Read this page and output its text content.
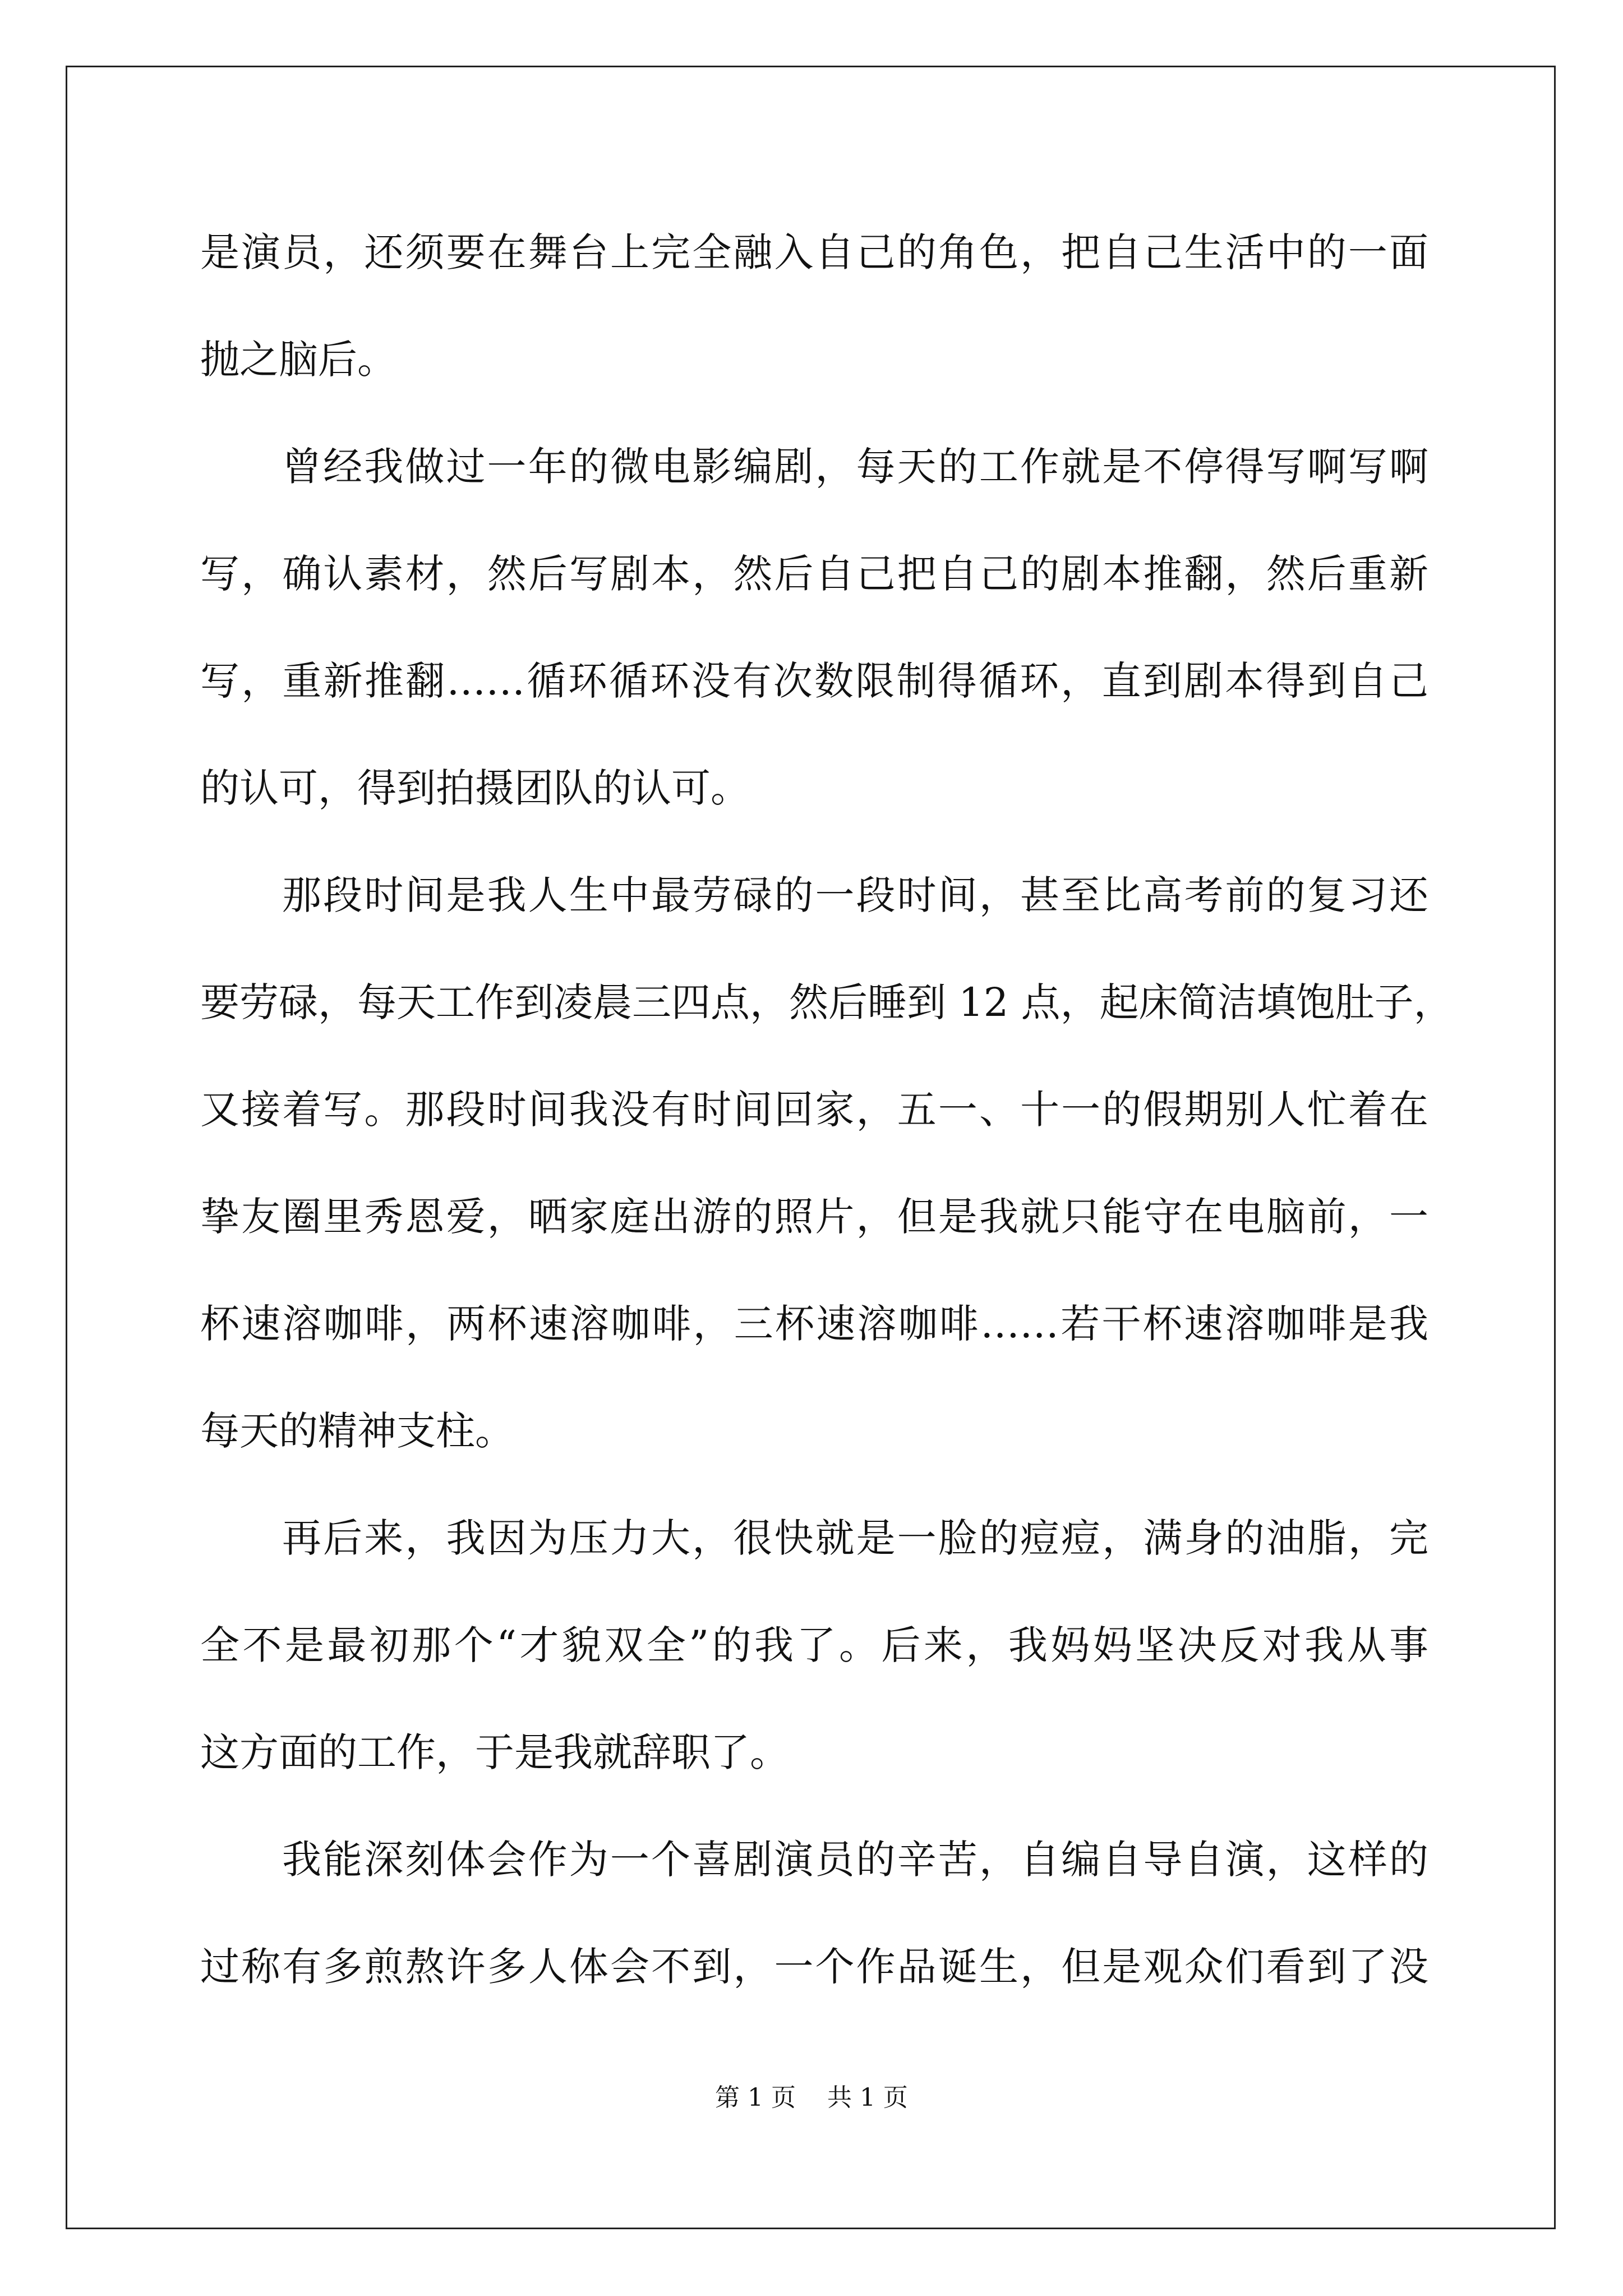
是演员，还须要在舞台上完全融入自己的角色，把自己生活中的一面
抛之脑后。
曾经我做过一年的微电影编剧，每天的工作就是不停得写啊写啊
写，确认素材，然后写剧本，然后自己把自己的剧本推翻，然后重新
写，重新推翻……循环循环没有次数限制得循环，直到剧本得到自己
的认可，得到拍摄团队的认可。
那段时间是我人生中最劳碌的一段时间，甚至比高考前的复习还
要劳碌，每天工作到凌晨三四点，然后睡到 12 点，起床简洁填饱肚子，
又接着写。那段时间我没有时间回家，五一、十一的假期别人忙着在
挚友圈里秀恩爱，晒家庭出游的照片，但是我就只能守在电脑前，一
杯速溶咖啡，两杯速溶咖啡，三杯速溶咖啡……若干杯速溶咖啡是我
每天的精神支柱。
再后来，我因为压力大，很快就是一脸的痘痘，满身的油脂，完
全不是最初那个“才貌双全”的我了。后来，我妈妈坚决反对我从事
这方面的工作，于是我就辞职了。
我能深刻体会作为一个喜剧演员的辛苦，自编自导自演，这样的
过称有多煎熬许多人体会不到，一个作品诞生，但是观众们看到了没
第 1 页    共 1 页
